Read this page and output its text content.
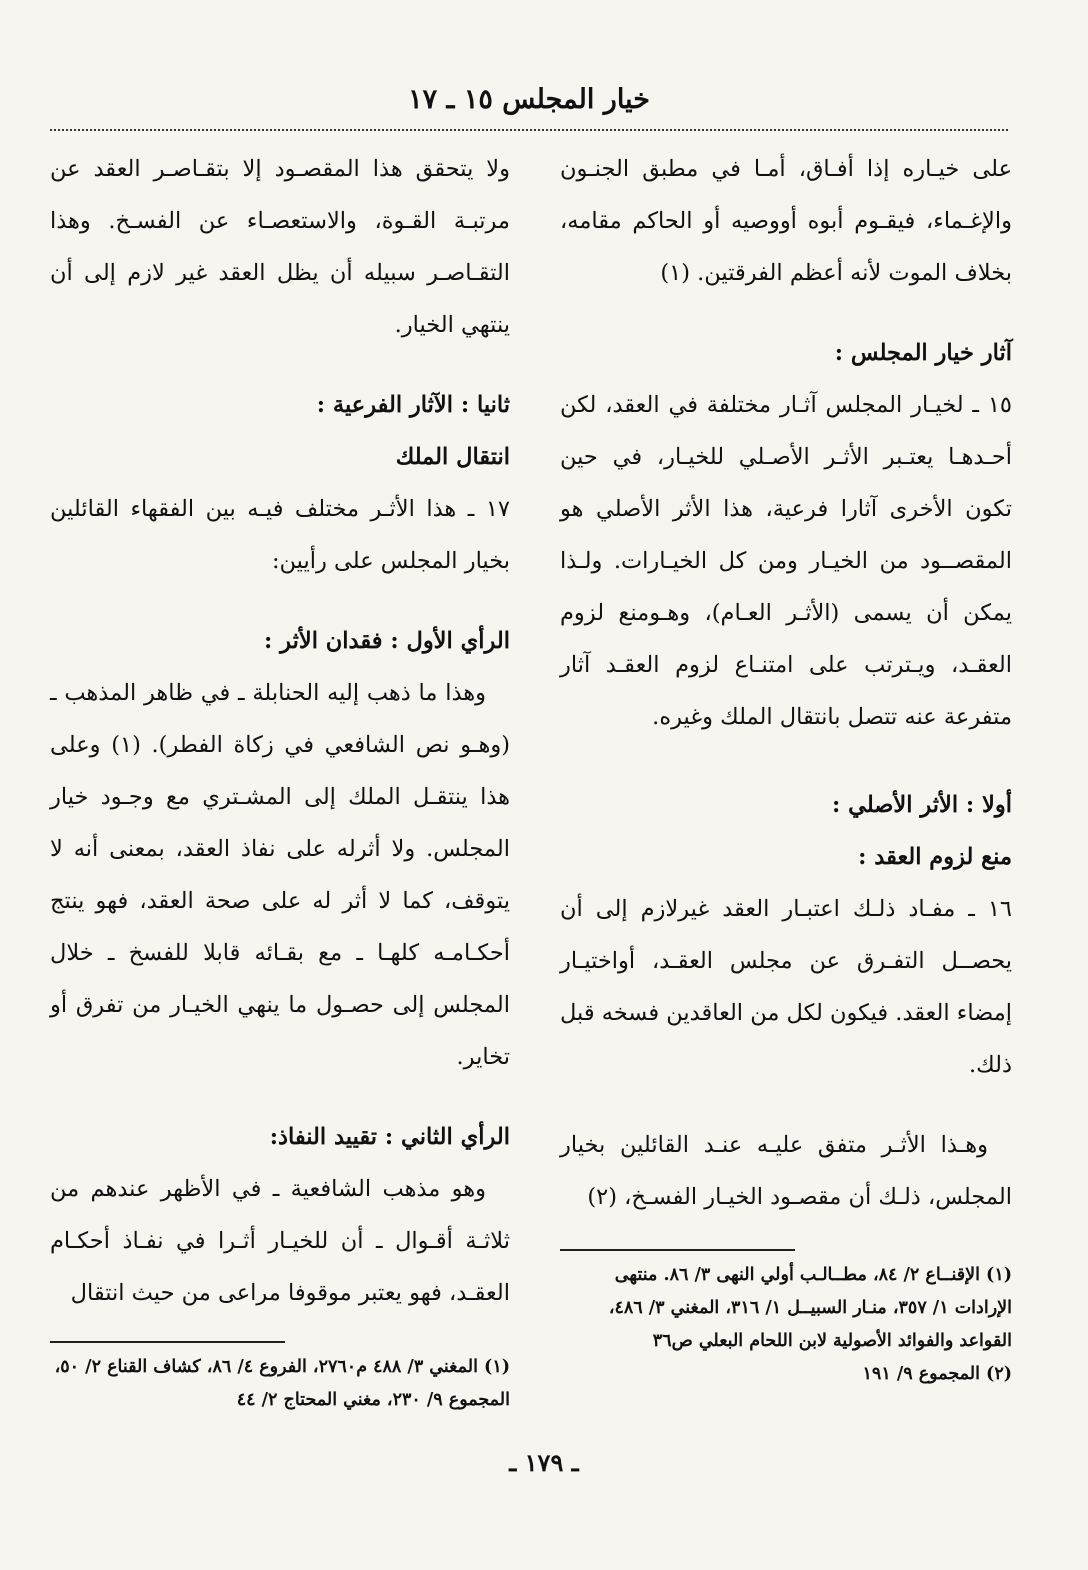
خيار المجلس ١٥ ـ ١٧

على خيـاره إذا أفـاق، أمـا في مطبق الجنـون والإغـماء، فيقـوم أبوه أووصيه أو الحاكم مقامه، بخلاف الموت لأنه أعظم الفرقتين. (١)

آثار خيار المجلس :

١٥ ـ لخيـار المجلس آثـار مختلفة في العقد، لكن أحـدهـا يعتـبر الأثـر الأصـلي للخيـار، في حين تكون الأخرى آثارا فرعية، هذا الأثر الأصلي هو المقصــود من الخيـار ومن كل الخيـارات. ولـذا يمكن أن يسمى (الأثـر العـام)، وهـومنع لزوم العقـد، ويـترتب على امتنـاع لزوم العقـد آثار متفرعة عنه تتصل بانتقال الملك وغيره.

أولا : الأثر الأصلي :

منع لزوم العقد :

١٦ ـ مفـاد ذلـك اعتبـار العقد غيرلازم إلى أن يحصــل التفـرق عن مجلس العقـد، أواختيـار إمضاء العقد. فيكون لكل من العاقدين فسخه قبل ذلك.

وهـذا الأثـر متفق عليـه عنـد القائلين بخيار المجلس، ذلـك أن مقصـود الخيـار الفسـخ، (٢)

(١) الإقنــاع ٢/ ٨٤، مطــالـب أولي النهى ٣/ ٨٦. منتهى الإرادات ١/ ٣٥٧، منـار السبيــل ١/ ٣١٦، المغني ٣/ ٤٨٦، القواعد والفوائد الأصولية لابن اللحام البعلي ص٣٦

(٢) المجموع ٩/ ١٩١

ولا يتحقق هذا المقصـود إلا بتقـاصـر العقد عن مرتبـة القـوة، والاستعصـاء عن الفسـخ. وهذا التقـاصـر سبيله أن يظل العقد غير لازم إلى أن ينتهي الخيار.

ثانيا : الآثار الفرعية :

انتقال الملك

١٧ ـ هذا الأثـر مختلف فيـه بين الفقهاء القائلين بخيار المجلس على رأيين:

الرأي الأول : فقدان الأثر :

وهذا ما ذهب إليه الحنابلة ـ في ظاهر المذهب ـ (وهـو نص الشافعي في زكاة الفطر). (١) وعلى هذا ينتقـل الملك إلى المشـتري مع وجـود خيار المجلس. ولا أثرله على نفاذ العقد، بمعنى أنه لا يتوقف، كما لا أثر له على صحة العقد، فهو ينتج أحكـامـه كلهـا ـ مع بقـائه قابلا للفسخ ـ خلال المجلس إلى حصـول ما ينهي الخيـار من تفرق أو تخاير.

الرأي الثاني : تقييد النفاذ:

وهو مذهب الشافعية ـ في الأظهر عندهم من ثلاثـة أقـوال ـ أن للخيـار أثـرا في نفـاذ أحكـام العقـد، فهو يعتبر موقوفا مراعى من حيث انتقال

(١) المغني ٣/ ٤٨٨ م٢٧٦٠، الفروع ٤/ ٨٦، كشاف القناع ٢/ ٥٠، المجموع ٩/ ٢٣٠، مغني المحتاج ٢/ ٤٤

ـ ١٧٩ ـ
